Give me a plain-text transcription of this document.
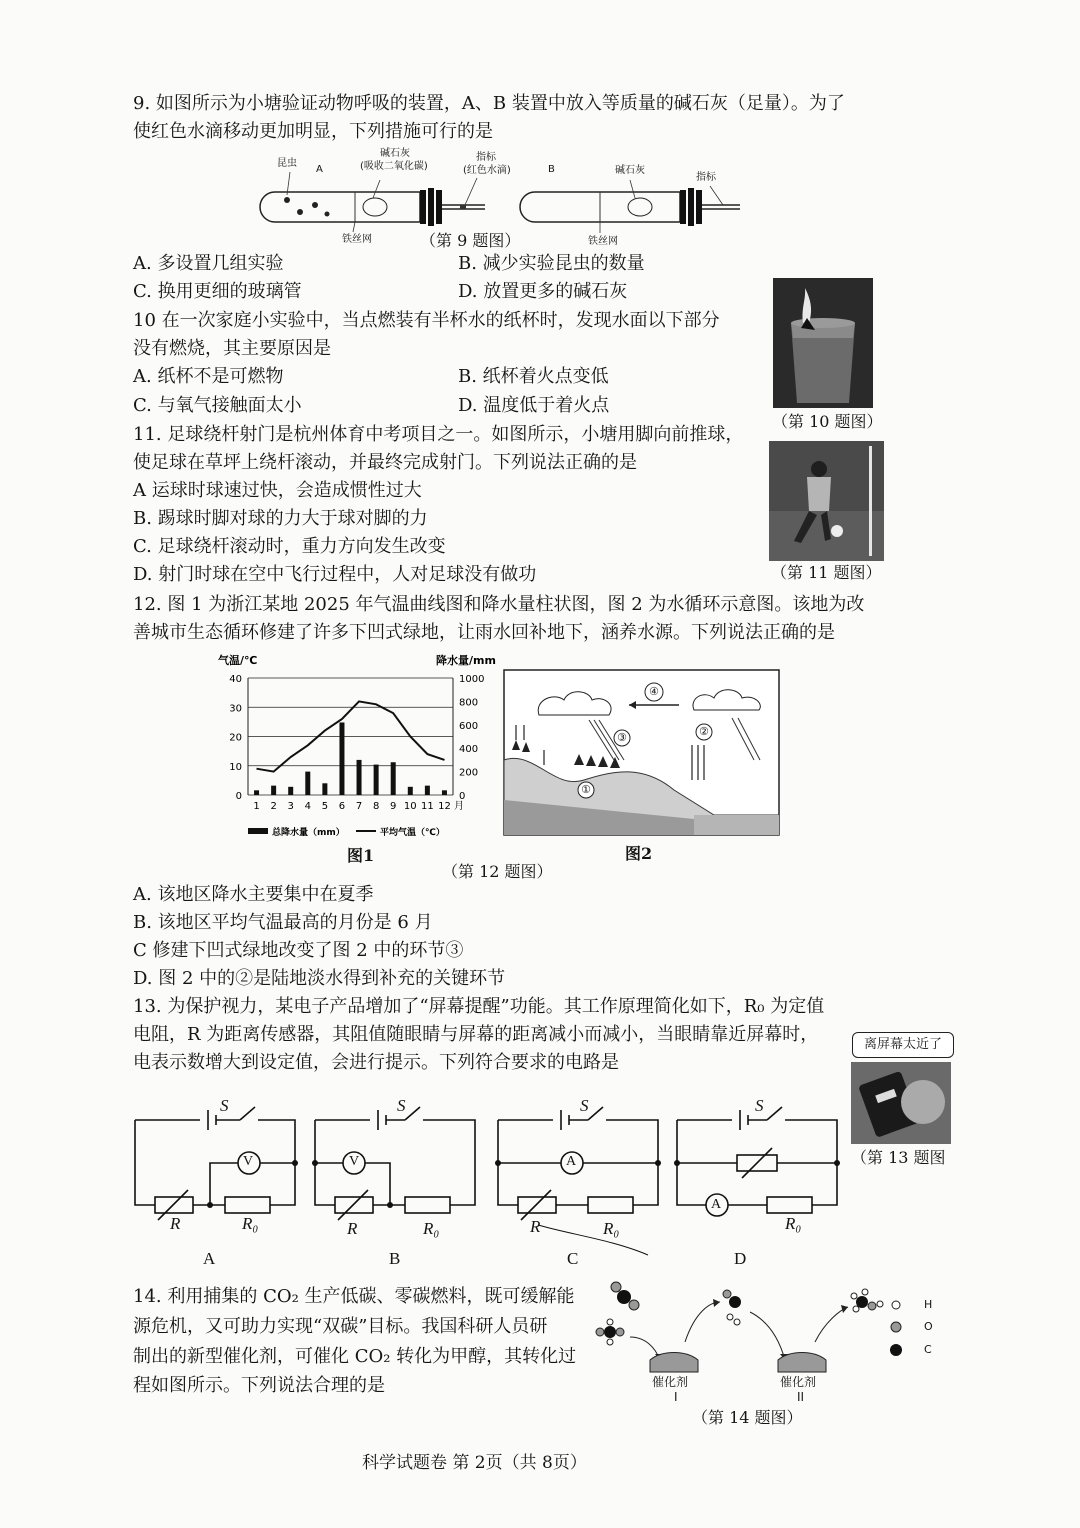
9. 如图所示为小塘验证动物呼吸的装置，A、B 装置中放入等质量的碱石灰（足量）。为了
使红色水滴移动更加明显，下列措施可行的是
昆虫
A
碱石灰
(吸收二氧化碳)
指标
(红色水滴)	B	碱石灰
指标
铁丝网	铁丝网
（第 9 题图）
A. 多设置几组实验	B. 减少实验昆虫的数量
C. 换用更细的玻璃管	D. 放置更多的碱石灰
10 在一次家庭小实验中，当点燃装有半杯水的纸杯时，发现水面以下部分
没有燃烧，其主要原因是
A. 纸杯不是可燃物	B. 纸杯着火点变低
C. 与氧气接触面太小	D. 温度低于着火点
（第 10 题图）
11. 足球绕杆射门是杭州体育中考项目之一。如图所示，小塘用脚向前推球，
使足球在草坪上绕杆滚动，并最终完成射门。下列说法正确的是
A 运球时球速过快，会造成惯性过大
B. 踢球时脚对球的力大于球对脚的力
C. 足球绕杆滚动时，重力方向发生改变
D. 射门时球在空中飞行过程中，人对足球没有做功	（第 11 题图）
12. 图 1 为浙江某地 2025 年气温曲线图和降水量柱状图，图 2 为水循环示意图。该地为改
善城市生态循环修建了许多下凹式绿地，让雨水回补地下，涵养水源。下列说法正确的是
气温/℃	降水量/mm
0
10
20
30
40
0
200
400
600
800
1000
1 2 3 4 5 6 7 8 9 10 11 12 月
总降水量（mm）	平均气温（℃）
图1
④
③	②
①
图2
（第 12 题图）
A. 该地区降水主要集中在夏季
B. 该地区平均气温最高的月份是 6 月
C 修建下凹式绿地改变了图 2 中的环节③
D. 图 2 中的②是陆地淡水得到补充的关键环节
13. 为保护视力，某电子产品增加了“屏幕提醒”功能。其工作原理简化如下，R₀ 为定值
电阻，R 为距离传感器，其阻值随眼睛与屏幕的距离减小而减小，当眼睛靠近屏幕时，
电表示数增大到设定值，会进行提示。下列符合要求的电路是
离屏幕太近了
（第 13 题图
S
V
R	R₀
A
S
V
R	R₀
B
S
A
R	R₀
C
S
A
R₀
D
14. 利用捕集的 CO₂ 生产低碳、零碳燃料，既可缓解能
源危机，又可助力实现“双碳”目标。我国科研人员研
制出的新型催化剂，可催化 CO₂ 转化为甲醇，其转化过
程如图所示。下列说法合理的是
H
O
C
催化剂
I
催化剂
II
（第 14 题图）
科学试题卷 第 2页（共 8页）
